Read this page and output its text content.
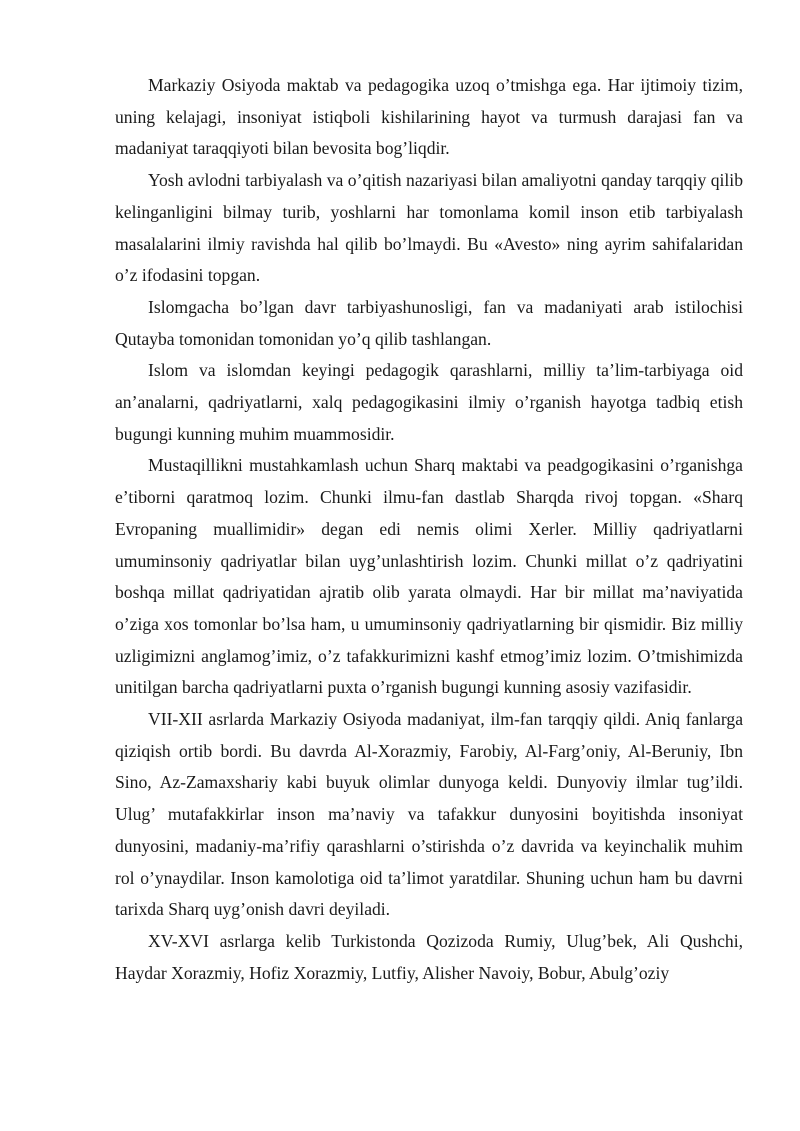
Markaziy Osiyoda maktab va pedagogika uzoq o’tmishga ega. Har ijtimoiy tizim, uning kelajagi, insoniyat istiqboli kishilarining hayot va turmush darajasi fan va madaniyat taraqqiyoti bilan bevosita bog’liqdir.

Yosh avlodni tarbiyalash va o’qitish nazariyasi bilan amaliyotni qanday tarqqiy qilib kelinganligini bilmay turib, yoshlarni har tomonlama komil inson etib tarbiyalash masalalarini ilmiy ravishda hal qilib bo’lmaydi. Bu «Avesto» ning ayrim sahifalaridan o’z ifodasini topgan.

Islomgacha bo’lgan davr tarbiyashunosligi, fan va madaniyati arab istilochisi Qutayba tomonidan tomonidan yo’q qilib tashlangan.

Islom va islomdan keyingi pedagogik qarashlarni, milliy ta’lim-tarbiyaga oid an’analarni, qadriyatlarni, xalq pedagogikasini ilmiy o’rganish hayotga tadbiq etish bugungi kunning muhim muammosidir.

Mustaqillikni mustahkamlash uchun Sharq maktabi va peadgogikasini o’rganishga e’tiborni qaratmoq lozim. Chunki ilmu-fan dastlab Sharqda rivoj topgan. «Sharq Evropaning muallimidir» degan edi nemis olimi Xerler. Milliy qadriyatlarni umuminsoniy qadriyatlar bilan uyg’unlashtirish lozim. Chunki millat o’z qadriyatini boshqa millat qadriyatidan ajratib olib yarata olmaydi. Har bir millat ma’naviyatida o’ziga xos tomonlar bo’lsa ham, u umuminsoniy qadriyatlarning bir qismidir. Biz milliy uzligimizni anglamog’imiz, o’z tafakkurimizni kashf etmog’imiz lozim. O’tmishimizda unitilgan barcha qadriyatlarni puxta o’rganish bugungi kunning asosiy vazifasidir.

VII-XII asrlarda Markaziy Osiyoda madaniyat, ilm-fan tarqqiy qildi. Aniq fanlarga qiziqish ortib bordi. Bu davrda Al-Xorazmiy, Farobiy, Al-Farg’oniy, Al-Beruniy, Ibn Sino, Az-Zamaxshariy kabi buyuk olimlar dunyoga keldi. Dunyoviy ilmlar tug’ildi. Ulug’ mutafakkirlar inson ma’naviy va tafakkur dunyosini boyitishda insoniyat dunyosini, madaniy-ma’rifiy qarashlarni o’stirishda o’z davrida va keyinchalik muhim rol o’ynaydilar. Inson kamolotiga oid ta’limot yaratdilar. Shuning uchun ham bu davrni tarixda Sharq uyg’onish davri deyiladi.

XV-XVI asrlarga kelib Turkistonda Qozizoda Rumiy, Ulug’bek, Ali Qushchi, Haydar Xorazmiy, Hofiz Xorazmiy, Lutfiy, Alisher Navoiy, Bobur, Abulg’oziy
